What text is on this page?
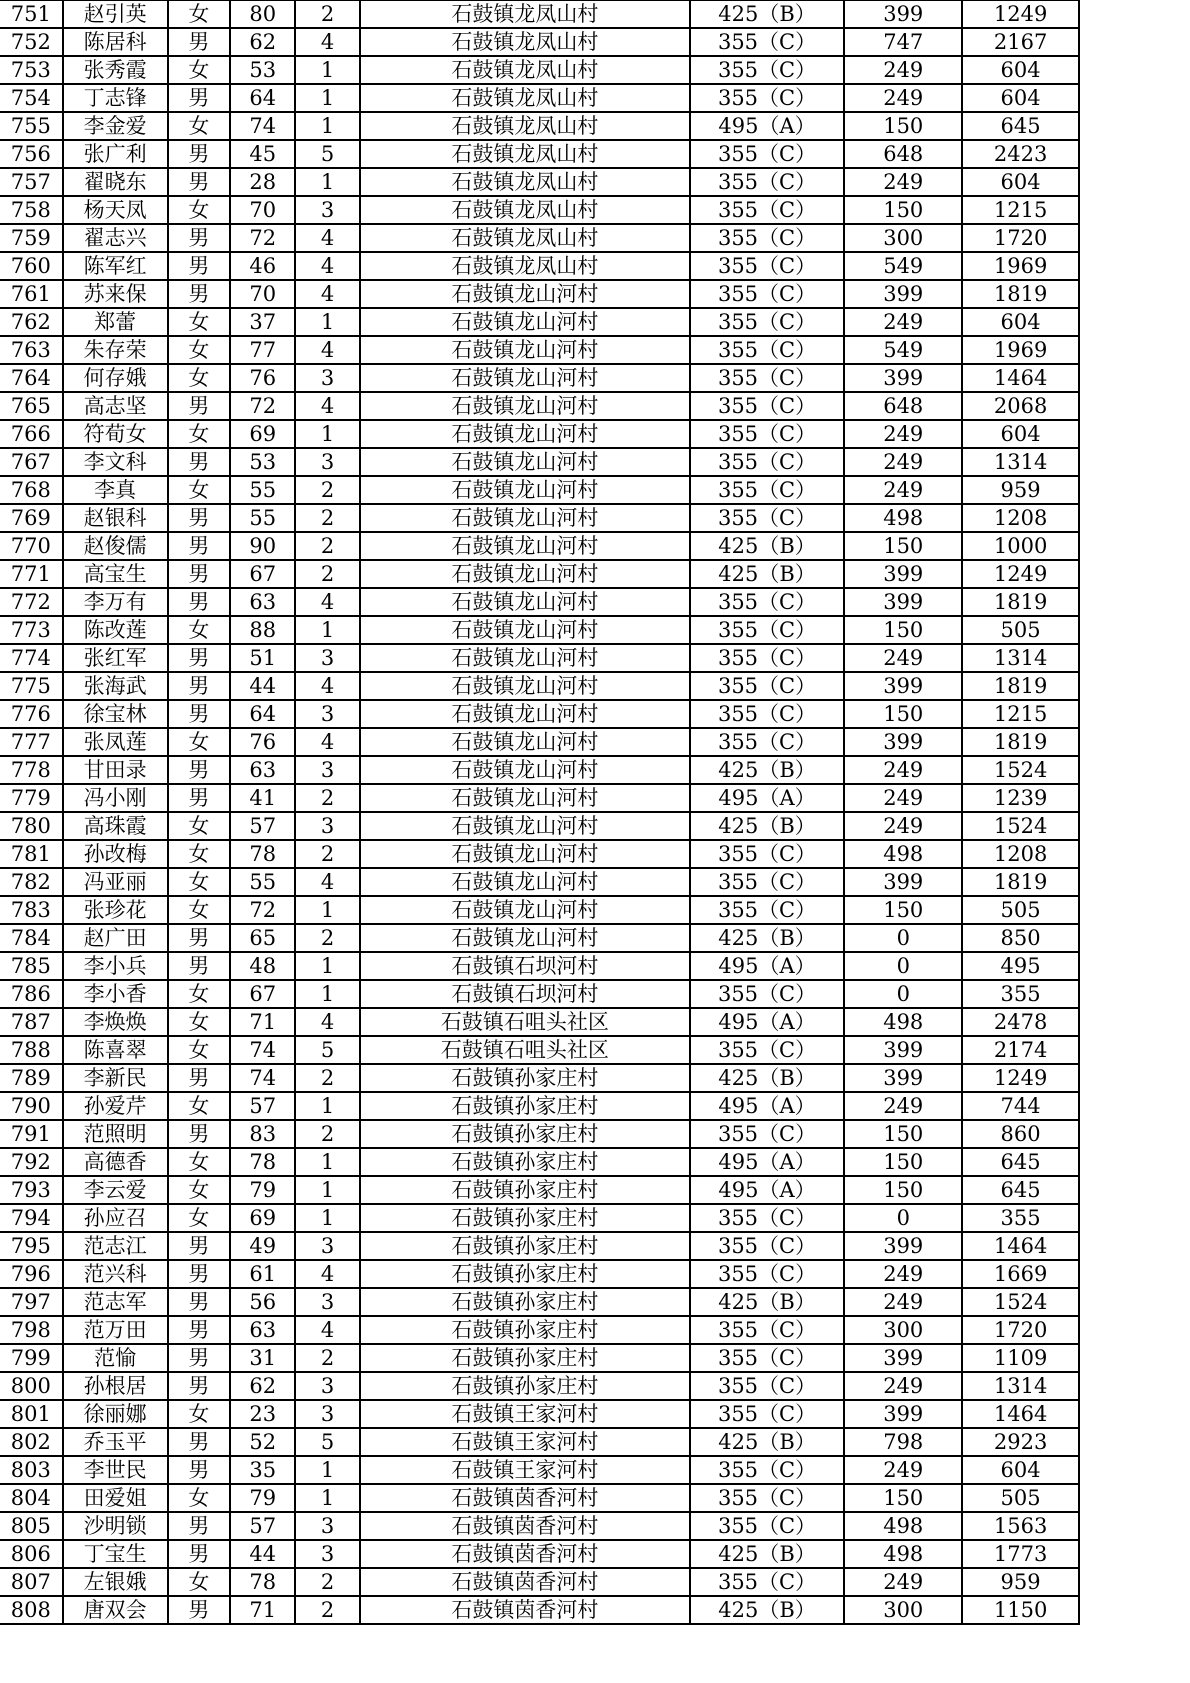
751	赵引英	女	80	2	石鼓镇龙凤山村	425（B）	399	1249
752	陈居科	男	62	4	石鼓镇龙凤山村	355（C）	747	2167
753	张秀霞	女	53	1	石鼓镇龙凤山村	355（C）	249	604
754	丁志锋	男	64	1	石鼓镇龙凤山村	355（C）	249	604
755	李金爱	女	74	1	石鼓镇龙凤山村	495（A）	150	645
756	张广利	男	45	5	石鼓镇龙凤山村	355（C）	648	2423
757	翟晓东	男	28	1	石鼓镇龙凤山村	355（C）	249	604
758	杨天凤	女	70	3	石鼓镇龙凤山村	355（C）	150	1215
759	翟志兴	男	72	4	石鼓镇龙凤山村	355（C）	300	1720
760	陈军红	男	46	4	石鼓镇龙凤山村	355（C）	549	1969
761	苏来保	男	70	4	石鼓镇龙山河村	355（C）	399	1819
762	郑蕾	女	37	1	石鼓镇龙山河村	355（C）	249	604
763	朱存荣	女	77	4	石鼓镇龙山河村	355（C）	549	1969
764	何存娥	女	76	3	石鼓镇龙山河村	355（C）	399	1464
765	高志坚	男	72	4	石鼓镇龙山河村	355（C）	648	2068
766	符荀女	女	69	1	石鼓镇龙山河村	355（C）	249	604
767	李文科	男	53	3	石鼓镇龙山河村	355（C）	249	1314
768	李真	女	55	2	石鼓镇龙山河村	355（C）	249	959
769	赵银科	男	55	2	石鼓镇龙山河村	355（C）	498	1208
770	赵俊儒	男	90	2	石鼓镇龙山河村	425（B）	150	1000
771	高宝生	男	67	2	石鼓镇龙山河村	425（B）	399	1249
772	李万有	男	63	4	石鼓镇龙山河村	355（C）	399	1819
773	陈改莲	女	88	1	石鼓镇龙山河村	355（C）	150	505
774	张红军	男	51	3	石鼓镇龙山河村	355（C）	249	1314
775	张海武	男	44	4	石鼓镇龙山河村	355（C）	399	1819
776	徐宝林	男	64	3	石鼓镇龙山河村	355（C）	150	1215
777	张凤莲	女	76	4	石鼓镇龙山河村	355（C）	399	1819
778	甘田录	男	63	3	石鼓镇龙山河村	425（B）	249	1524
779	冯小刚	男	41	2	石鼓镇龙山河村	495（A）	249	1239
780	高珠霞	女	57	3	石鼓镇龙山河村	425（B）	249	1524
781	孙改梅	女	78	2	石鼓镇龙山河村	355（C）	498	1208
782	冯亚丽	女	55	4	石鼓镇龙山河村	355（C）	399	1819
783	张珍花	女	72	1	石鼓镇龙山河村	355（C）	150	505
784	赵广田	男	65	2	石鼓镇龙山河村	425（B）	0	850
785	李小兵	男	48	1	石鼓镇石坝河村	495（A）	0	495
786	李小香	女	67	1	石鼓镇石坝河村	355（C）	0	355
787	李焕焕	女	71	4	石鼓镇石咀头社区	495（A）	498	2478
788	陈喜翠	女	74	5	石鼓镇石咀头社区	355（C）	399	2174
789	李新民	男	74	2	石鼓镇孙家庄村	425（B）	399	1249
790	孙爱芹	女	57	1	石鼓镇孙家庄村	495（A）	249	744
791	范照明	男	83	2	石鼓镇孙家庄村	355（C）	150	860
792	高德香	女	78	1	石鼓镇孙家庄村	495（A）	150	645
793	李云爱	女	79	1	石鼓镇孙家庄村	495（A）	150	645
794	孙应召	女	69	1	石鼓镇孙家庄村	355（C）	0	355
795	范志江	男	49	3	石鼓镇孙家庄村	355（C）	399	1464
796	范兴科	男	61	4	石鼓镇孙家庄村	355（C）	249	1669
797	范志军	男	56	3	石鼓镇孙家庄村	425（B）	249	1524
798	范万田	男	63	4	石鼓镇孙家庄村	355（C）	300	1720
799	范愉	男	31	2	石鼓镇孙家庄村	355（C）	399	1109
800	孙根居	男	62	3	石鼓镇孙家庄村	355（C）	249	1314
801	徐丽娜	女	23	3	石鼓镇王家河村	355（C）	399	1464
802	乔玉平	男	52	5	石鼓镇王家河村	425（B）	798	2923
803	李世民	男	35	1	石鼓镇王家河村	355（C）	249	604
804	田爱姐	女	79	1	石鼓镇茵香河村	355（C）	150	505
805	沙明锁	男	57	3	石鼓镇茵香河村	355（C）	498	1563
806	丁宝生	男	44	3	石鼓镇茵香河村	425（B）	498	1773
807	左银娥	女	78	2	石鼓镇茵香河村	355（C）	249	959
808	唐双会	男	71	2	石鼓镇茵香河村	425（B）	300	1150
